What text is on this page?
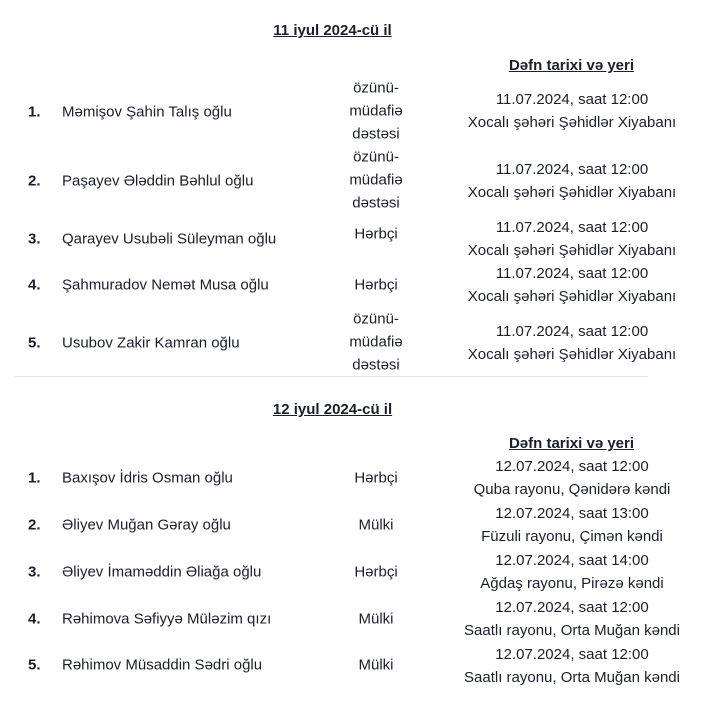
11 iyul 2024-cü il
Dəfn tarixi və yeri
1.	Məmişov Şahin Talış oğlu
özünü-
müdafiə
dəstəsi
11.07.2024, saat 12:00
Xocalı şəhəri Şəhidlər Xiyabanı
2.	Paşayev Ələddin Bəhlul oğlu
özünü-
müdafiə
dəstəsi
11.07.2024, saat 12:00
Xocalı şəhəri Şəhidlər Xiyabanı
3.	Qarayev Usubəli Süleyman oğlu	Hərbçi	11.07.2024, saat 12:00
Xocalı şəhəri Şəhidlər Xiyabanı
4.	Şahmuradov Nemət Musa oğlu	Hərbçi
11.07.2024, saat 12:00
Xocalı şəhəri Şəhidlər Xiyabanı
5.	Usubov Zakir Kamran oğlu
özünü-
müdafiə
dəstəsi
11.07.2024, saat 12:00
Xocalı şəhəri Şəhidlər Xiyabanı
12 iyul 2024-cü il
Dəfn tarixi və yeri
1.	Baxışov İdris Osman oğlu	Hərbçi
12.07.2024, saat 12:00
Quba rayonu, Qənidərə kəndi
2.	Əliyev Muğan Gəray oğlu	Mülki
12.07.2024, saat 13:00
Füzuli rayonu, Çimən kəndi
3.	Əliyev İmaməddin Əliağa oğlu	Hərbçi
12.07.2024, saat 14:00
Ağdaş rayonu, Pirəzə kəndi
4.	Rəhimova Səfiyyə Müləzim qızı	Mülki
12.07.2024, saat 12:00
Saatlı rayonu, Orta Muğan kəndi
5.	Rəhimov Müsaddin Sədri oğlu	Mülki
12.07.2024, saat 12:00
Saatlı rayonu, Orta Muğan kəndi
